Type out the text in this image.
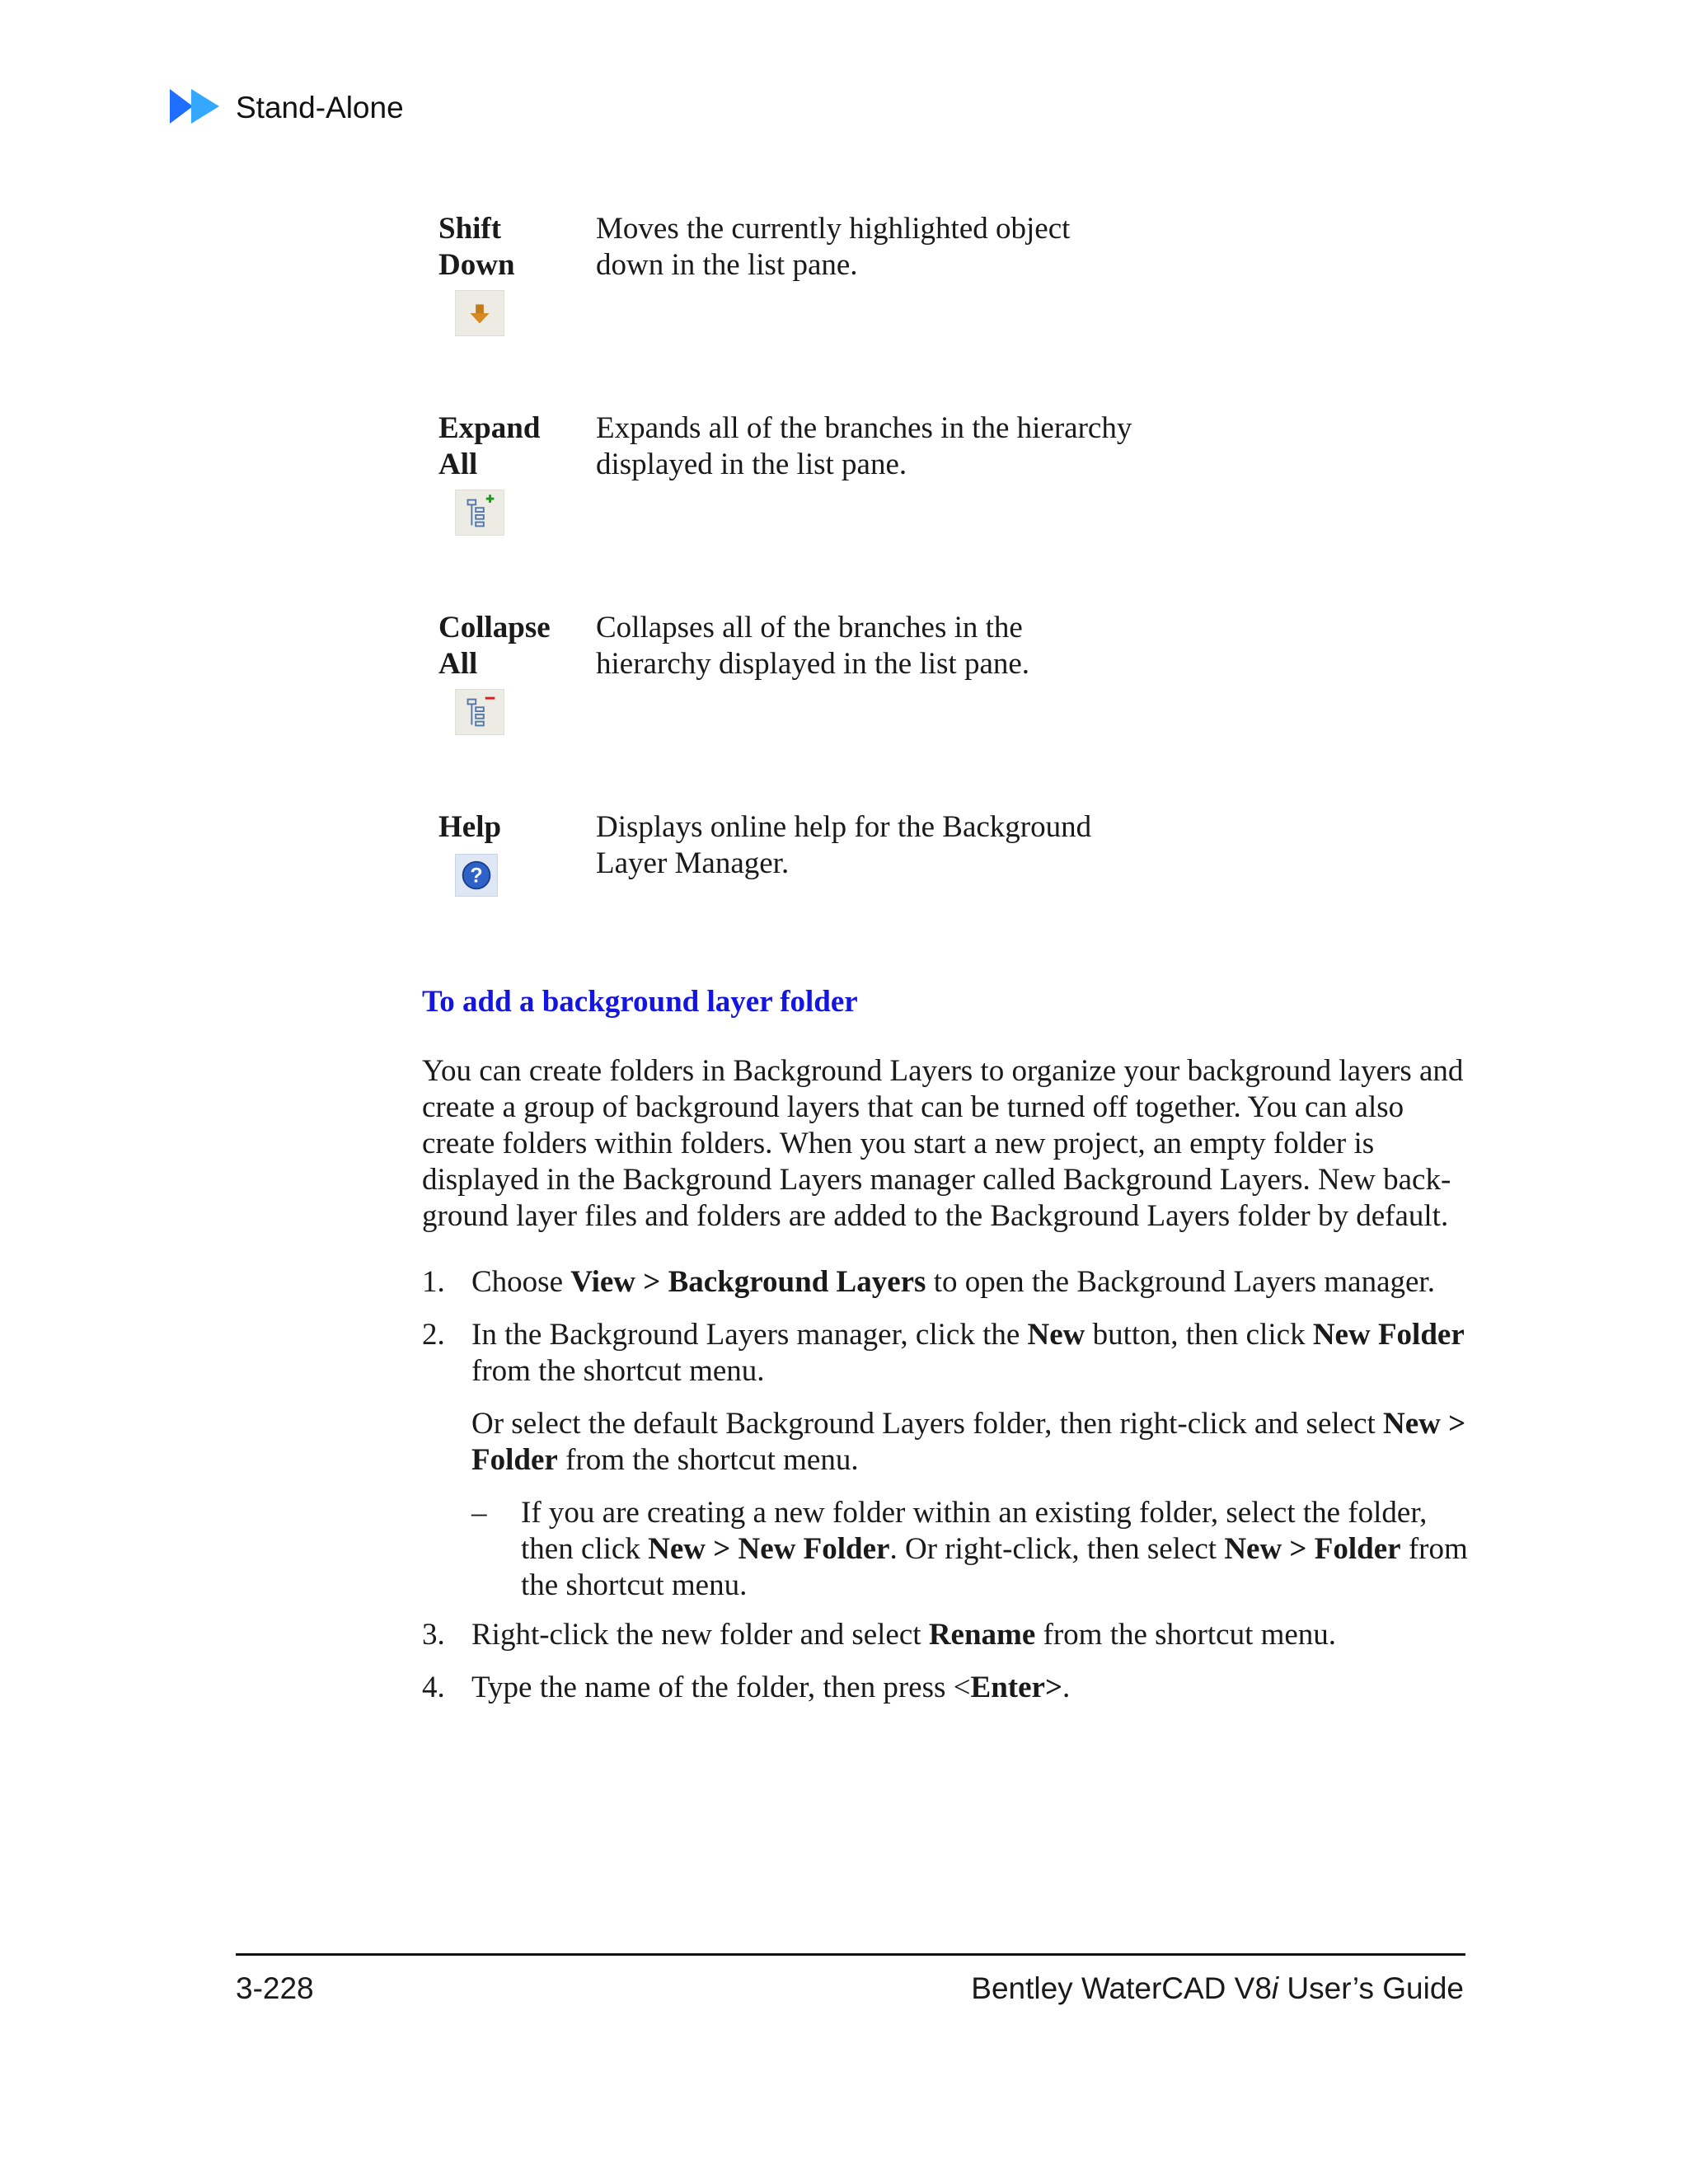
Stand-Alone
Shift
Down
Moves the currently highlighted object
down in the list pane.
Expand
All
Expands all of the branches in the hierarchy
displayed in the list pane.
Collapse
All
Collapses all of the branches in the
hierarchy displayed in the list pane.
Help	Displays online help for the Background
Layer Manager.
?
To add a background layer folder
You can create folders in Background Layers to organize your background layers and
create a group of background layers that can be turned off together. You can also
create folders within folders. When you start a new project, an empty folder is
displayed in the Background Layers manager called Background Layers. New back-
ground layer files and folders are added to the Background Layers folder by default.
1. Choose View > Background Layers to open the Background Layers manager.
2. In the Background Layers manager, click the New button, then click New Folder
from the shortcut menu.
Or select the default Background Layers folder, then right-click and select New >
Folder from the shortcut menu.
– If you are creating a new folder within an existing folder, select the folder,
then click New > New Folder. Or right-click, then select New > Folder from
the shortcut menu.
3. Right-click the new folder and select Rename from the shortcut menu.
4. Type the name of the folder, then press <Enter>.
3-228	Bentley WaterCAD V8i User’s Guide
